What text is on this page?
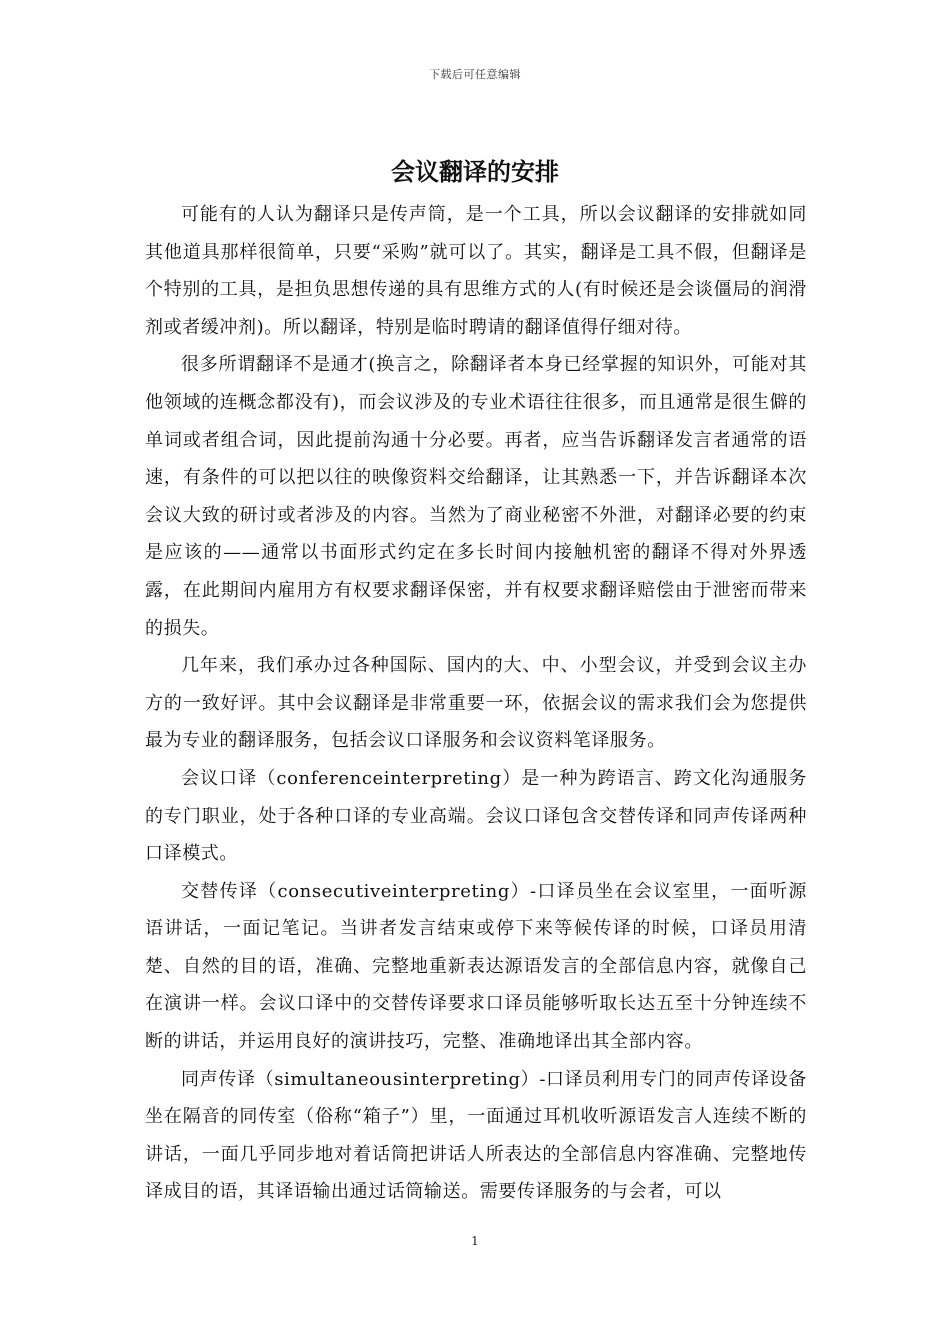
下载后可任意编辑
会议翻译的安排

可能有的人认为翻译只是传声筒，是一个工具，所以会议翻译的安排就如同其他道具那样很简单，只要“采购”就可以了。其实，翻译是工具不假，但翻译是个特别的工具，是担负思想传递的具有思维方式的人(有时候还是会谈僵局的润滑剂或者缓冲剂)。所以翻译，特别是临时聘请的翻译值得仔细对待。

很多所谓翻译不是通才(换言之，除翻译者本身已经掌握的知识外，可能对其他领域的连概念都没有)，而会议涉及的专业术语往往很多，而且通常是很生僻的单词或者组合词，因此提前沟通十分必要。再者，应当告诉翻译发言者通常的语速，有条件的可以把以往的映像资料交给翻译，让其熟悉一下，并告诉翻译本次会议大致的研讨或者涉及的内容。当然为了商业秘密不外泄，对翻译必要的约束是应该的——通常以书面形式约定在多长时间内接触机密的翻译不得对外界透露，在此期间内雇用方有权要求翻译保密，并有权要求翻译赔偿由于泄密而带来的损失。

几年来，我们承办过各种国际、国内的大、中、小型会议，并受到会议主办方的一致好评。其中会议翻译是非常重要一环，依据会议的需求我们会为您提供最为专业的翻译服务，包括会议口译服务和会议资料笔译服务。

会议口译（conferenceinterpreting）是一种为跨语言、跨文化沟通服务的专门职业，处于各种口译的专业高端。会议口译包含交替传译和同声传译两种口译模式。

交替传译（consecutiveinterpreting）-口译员坐在会议室里，一面听源语讲话，一面记笔记。当讲者发言结束或停下来等候传译的时候，口译员用清楚、自然的目的语，准确、完整地重新表达源语发言的全部信息内容，就像自己在演讲一样。会议口译中的交替传译要求口译员能够听取长达五至十分钟连续不断的讲话，并运用良好的演讲技巧，完整、准确地译出其全部内容。

同声传译（simultaneousinterpreting）-口译员利用专门的同声传译设备坐在隔音的同传室（俗称“箱子”）里，一面通过耳机收听源语发言人连续不断的讲话，一面几乎同步地对着话筒把讲话人所表达的全部信息内容准确、完整地传译成目的语，其译语输出通过话筒输送。需要传译服务的与会者，可以

1
